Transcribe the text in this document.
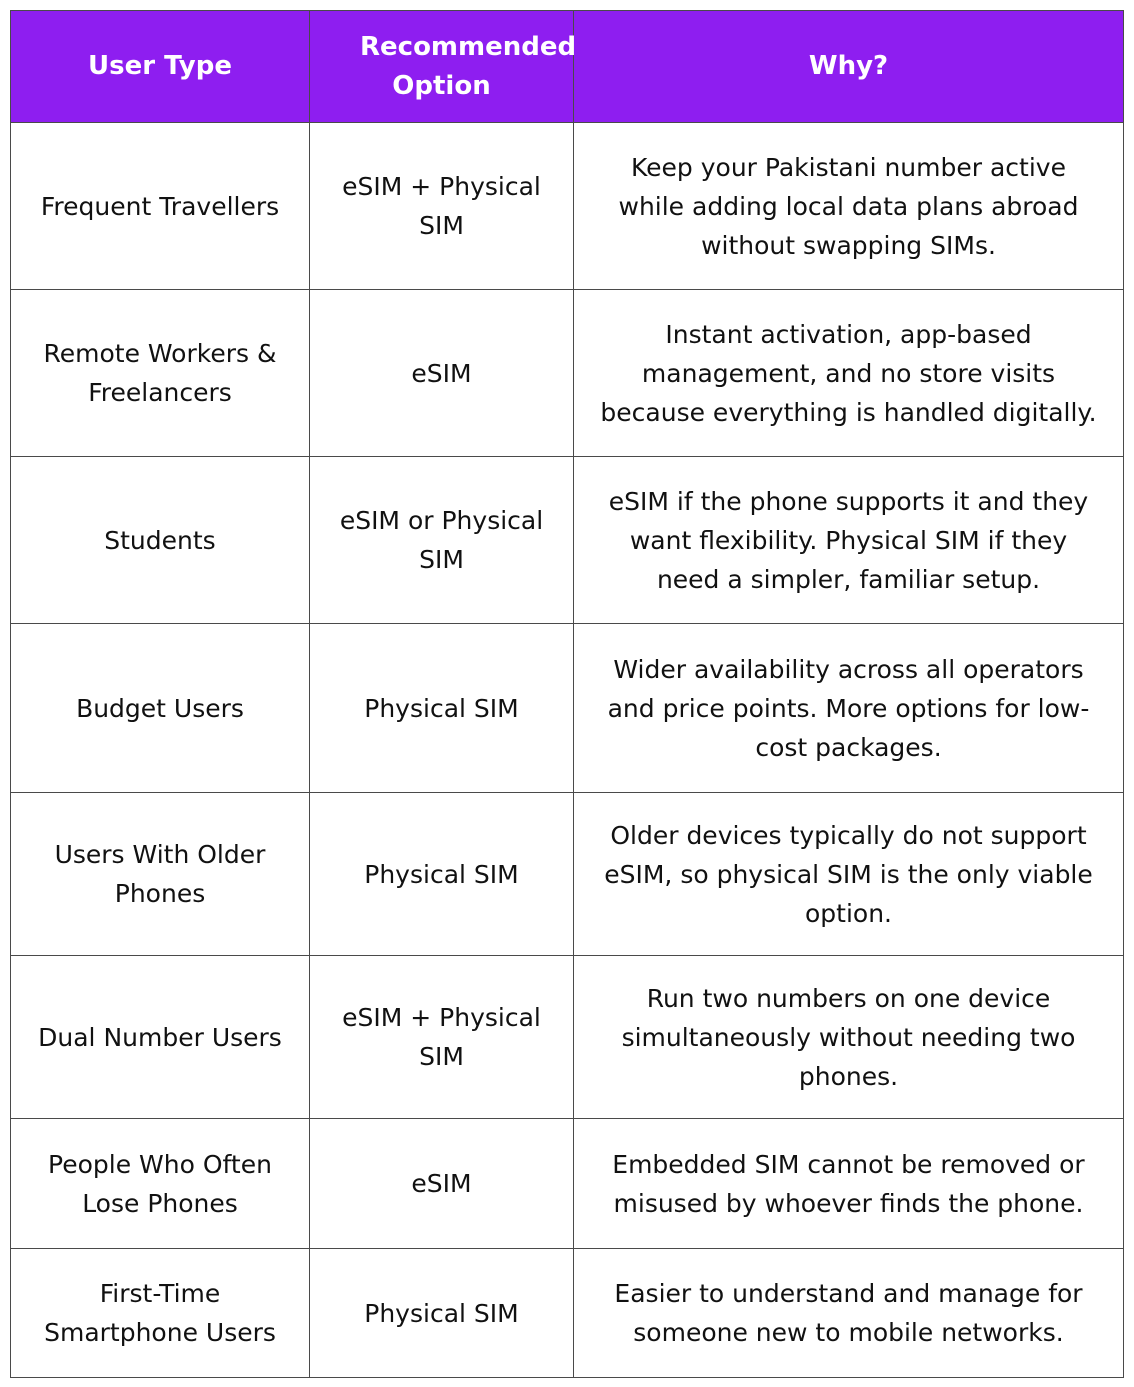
User Type	Recommended Option	Why?
Frequent Travellers	eSIM + Physical SIM	Keep your Pakistani number active while adding local data plans abroad without swapping SIMs.
Remote Workers & Freelancers	eSIM	Instant activation, app-based management, and no store visits because everything is handled digitally.
Students	eSIM or Physical SIM	eSIM if the phone supports it and they want flexibility. Physical SIM if they need a simpler, familiar setup.
Budget Users	Physical SIM	Wider availability across all operators and price points. More options for low-cost packages.
Users With Older Phones	Physical SIM	Older devices typically do not support eSIM, so physical SIM is the only viable option.
Dual Number Users	eSIM + Physical SIM	Run two numbers on one device simultaneously without needing two phones.
People Who Often Lose Phones	eSIM	Embedded SIM cannot be removed or misused by whoever finds the phone.
First-Time Smartphone Users	Physical SIM	Easier to understand and manage for someone new to mobile networks.
